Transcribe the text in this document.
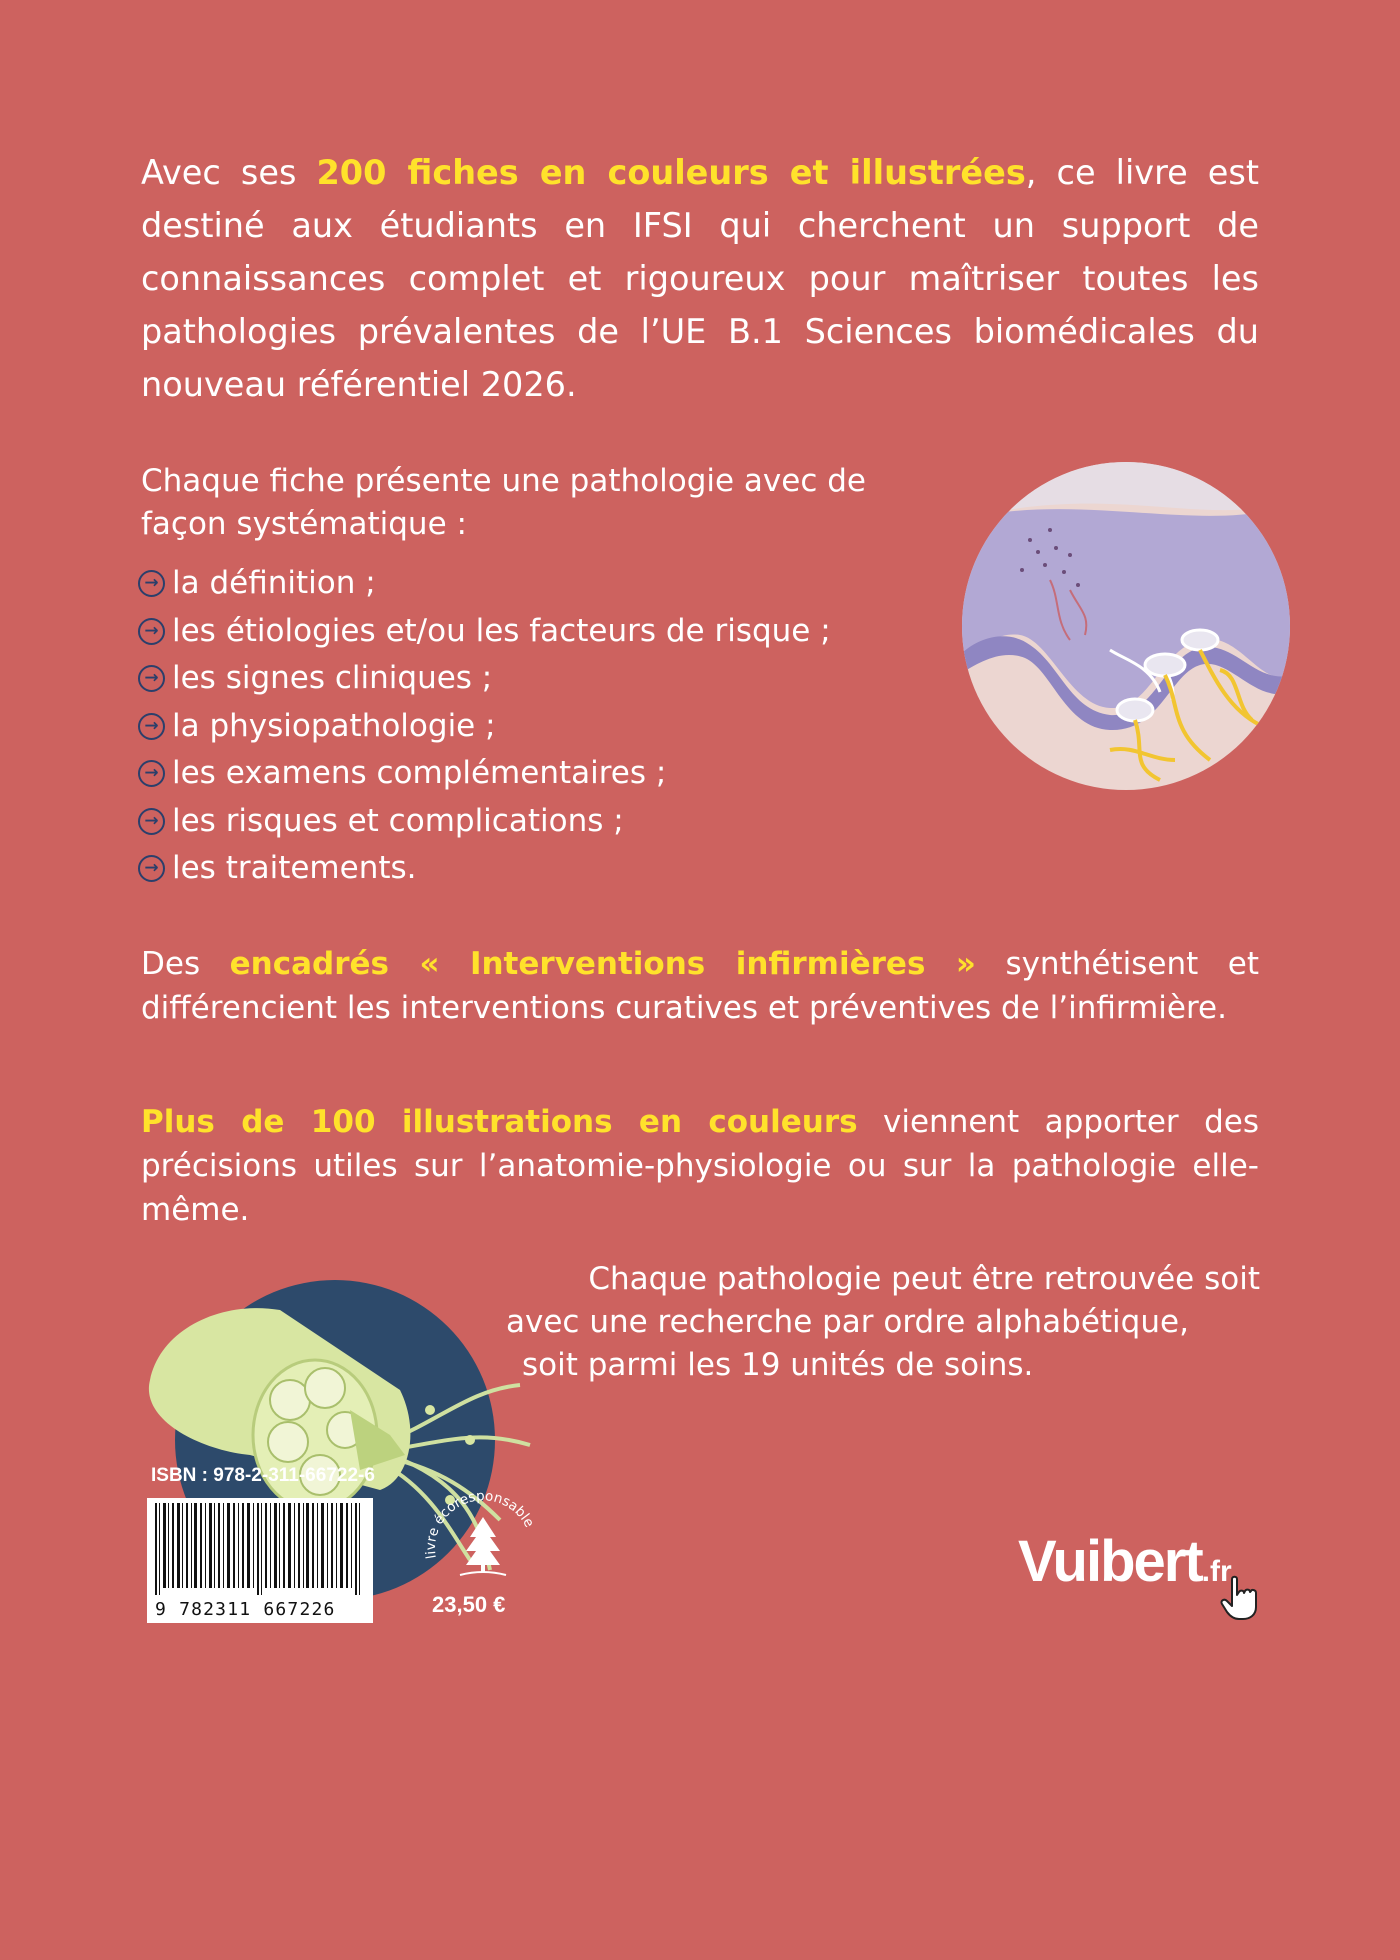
Avec ses 200 fiches en couleurs et illustrées, ce livre est destiné aux étudiants en IFSI qui cherchent un support de connaissances complet et rigoureux pour maîtriser toutes les pathologies prévalentes de l’UE B.1 Sciences biomédicales du nouveau référentiel 2026.

Chaque fiche présente une pathologie avec de façon systématique :

→ la définition ;
→ les étiologies et/ou les facteurs de risque ;
→ les signes cliniques ;
→ la physiopathologie ;
→ les examens complémentaires ;
→ les risques et complications ;
→ les traitements.

Des encadrés « Interventions infirmières » synthétisent et différencient les interventions curatives et préventives de l’infirmière.

Plus de 100 illustrations en couleurs viennent apporter des précisions utiles sur l’anatomie-physiologie ou sur la pathologie elle-même.

Chaque pathologie peut être retrouvée soit
avec une recherche par ordre alphabétique,
soit parmi les 19 unités de soins.

ISBN : 978-2-311-66722-6
9 782311 667226
livre écoresponsable
23,50 €
Vuibert.fr
